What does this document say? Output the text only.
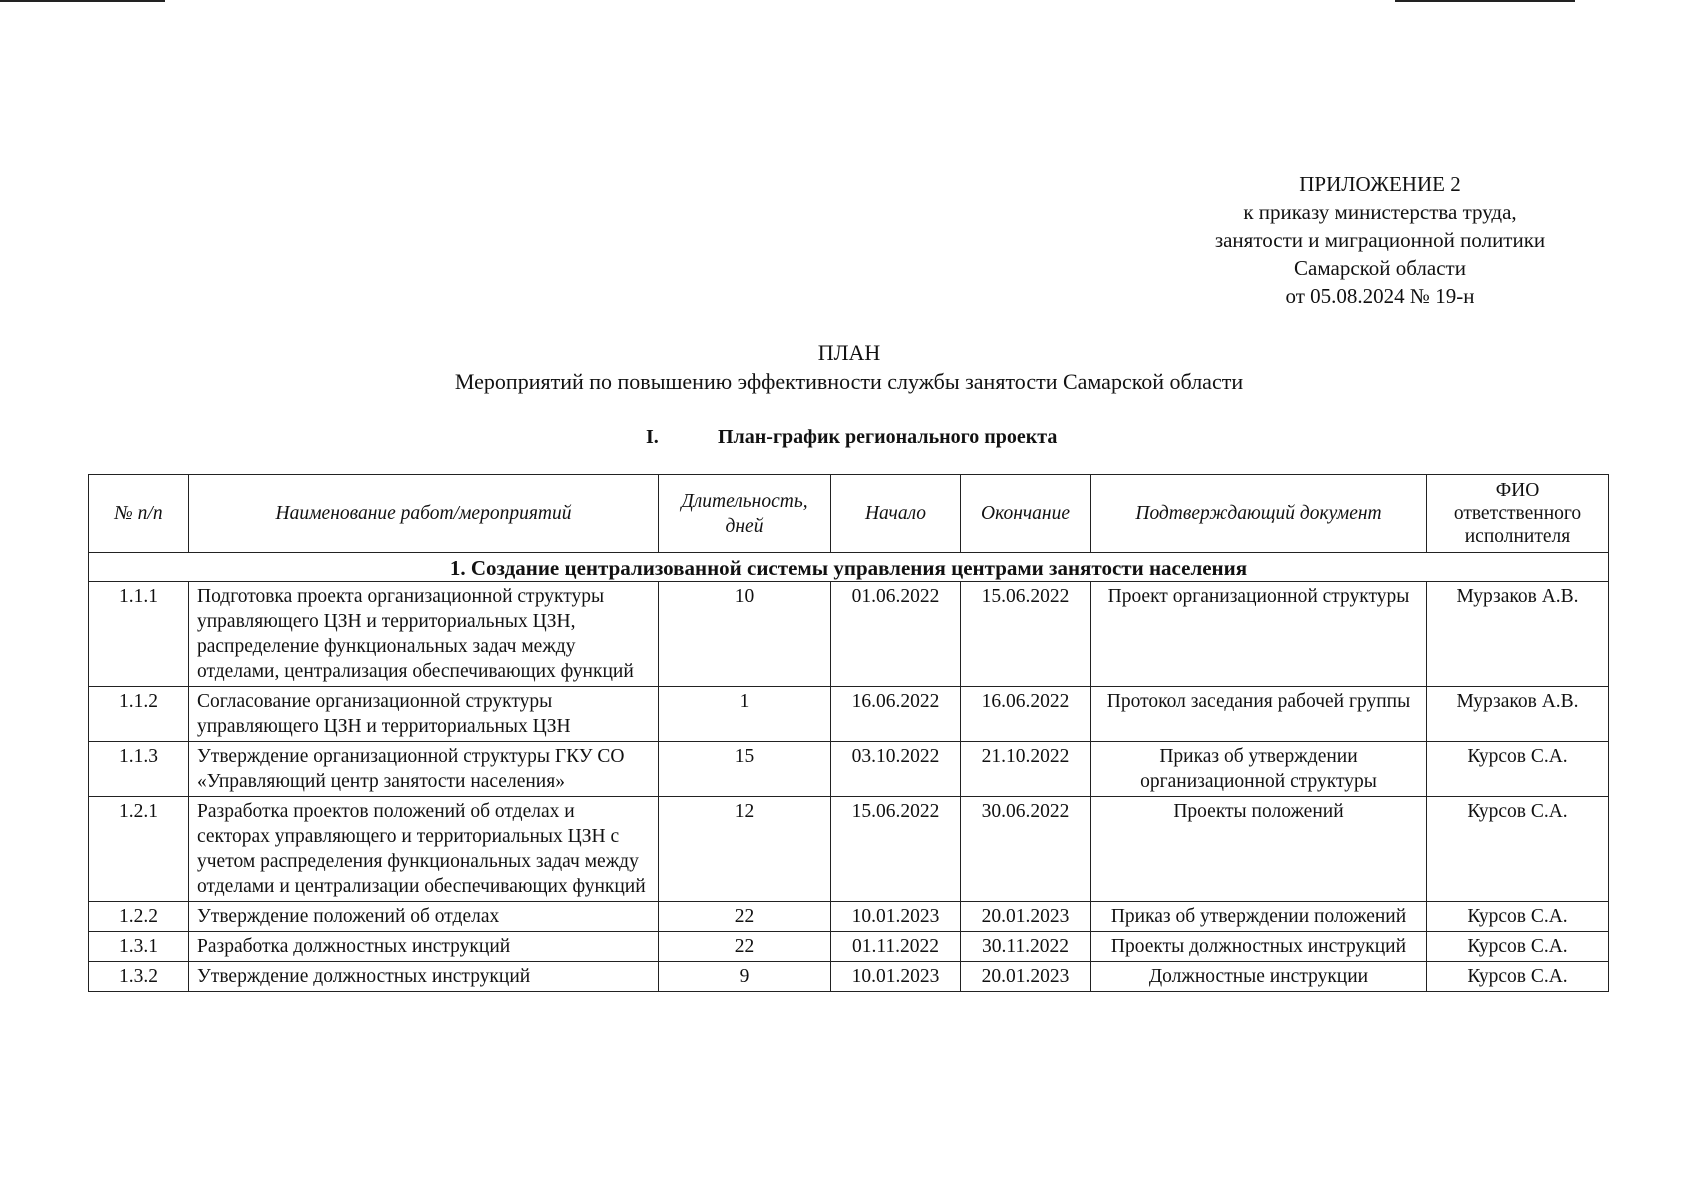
ПРИЛОЖЕНИЕ 2
к приказу министерства труда,
занятости и миграционной политики
Самарской области
от 05.08.2024 № 19-н
ПЛАН
Мероприятий по повышению эффективности службы занятости Самарской области
I.	План-график регионального проекта
№ п/п	Наименование работ/мероприятий	Длительность, дней	Начало	Окончание	Подтверждающий документ	ФИО ответственного исполнителя
1. Создание централизованной системы управления центрами занятости населения						
1.1.1	Подготовка проекта организационной структуры управляющего ЦЗН и территориальных ЦЗН, распределение функциональных задач между отделами, централизация обеспечивающих функций	10	01.06.2022	15.06.2022	Проект организационной структуры	Мурзаков А.В.
1.1.2	Согласование организационной структуры управляющего ЦЗН и территориальных ЦЗН	1	16.06.2022	16.06.2022	Протокол заседания рабочей группы	Мурзаков А.В.
1.1.3	Утверждение организационной структуры ГКУ СО «Управляющий центр занятости населения»	15	03.10.2022	21.10.2022	Приказ об утверждении организационной структуры	Курсов С.А.
1.2.1	Разработка проектов положений об отделах и секторах управляющего и территориальных ЦЗН с учетом распределения функциональных задач между отделами и централизации обеспечивающих функций	12	15.06.2022	30.06.2022	Проекты положений	Курсов С.А.
1.2.2	Утверждение положений об отделах	22	10.01.2023	20.01.2023	Приказ об утверждении положений	Курсов С.А.
1.3.1	Разработка должностных инструкций	22	01.11.2022	30.11.2022	Проекты должностных инструкций	Курсов С.А.
1.3.2	Утверждение должностных инструкций	9	10.01.2023	20.01.2023	Должностные инструкции	Курсов С.А.
